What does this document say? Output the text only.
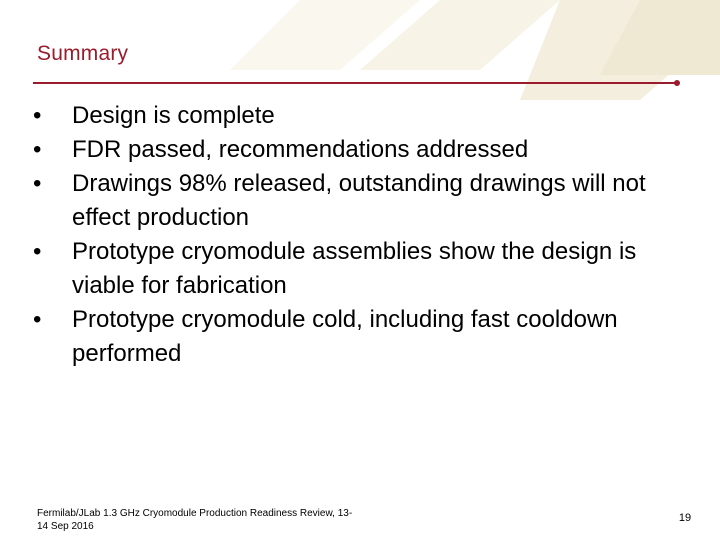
Summary
•	Design is complete
•	FDR passed, recommendations addressed
•	Drawings 98% released, outstanding drawings will not effect production
•	Prototype cryomodule assemblies show the design is viable for fabrication
•	Prototype cryomodule cold, including fast cooldown performed
Fermilab/JLab 1.3 GHz Cryomodule Production Readiness Review, 13-14 Sep 2016
19
